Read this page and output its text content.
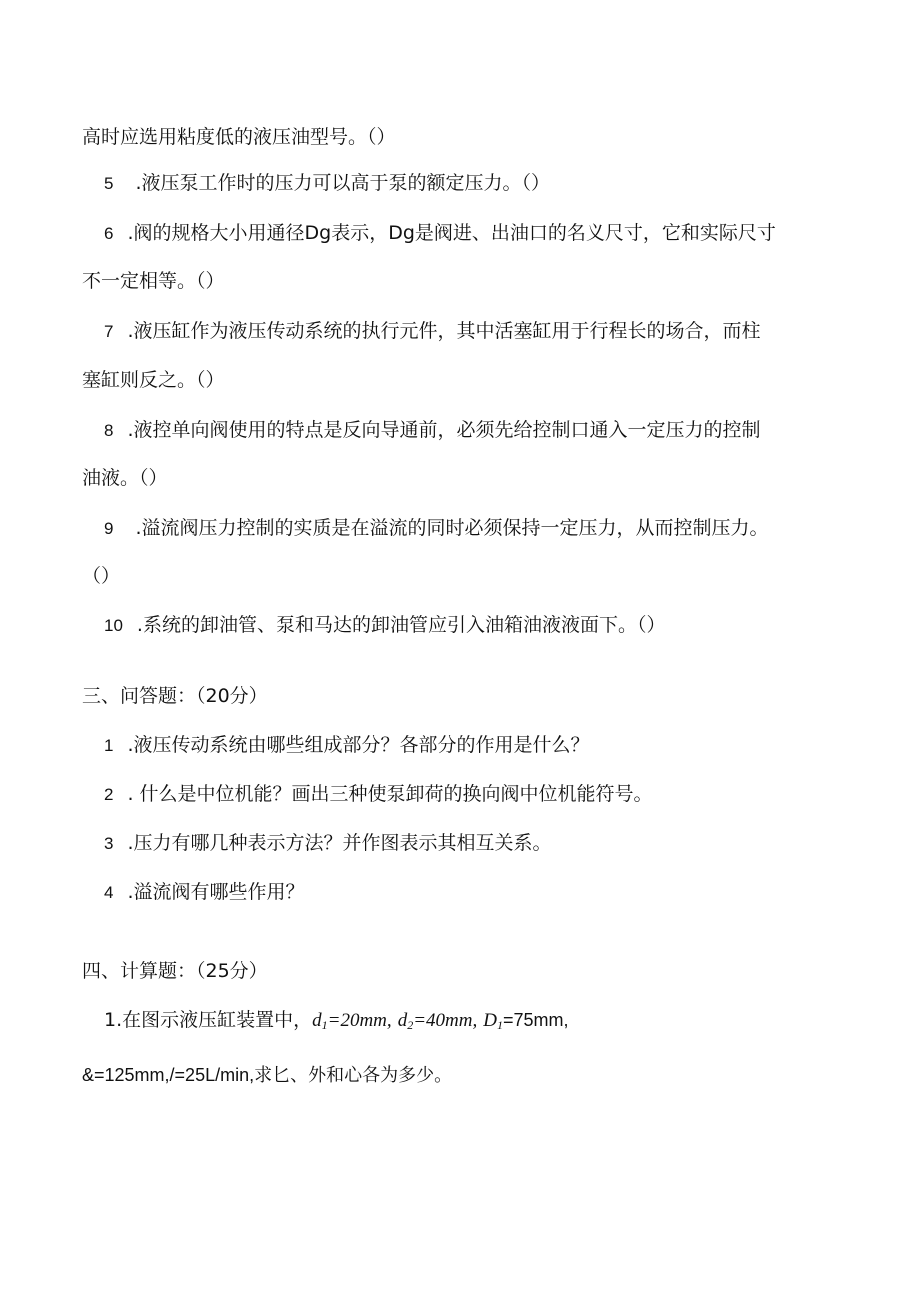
高时应选用粘度低的液压油型号。（）
5 .液压泵工作时的压力可以高于泵的额定压力。（）
6 .阀的规格大小用通径Dg表示，Dg是阀进、出油口的名义尺寸，它和实际尺寸
不一定相等。（）
7 .液压缸作为液压传动系统的执行元件，其中活塞缸用于行程长的场合，而柱
塞缸则反之。（）
8 .液控单向阀使用的特点是反向导通前，必须先给控制口通入一定压力的控制
油液。（）
9 .溢流阀压力控制的实质是在溢流的同时必须保持一定压力，从而控制压力。
（）
10 .系统的卸油管、泵和马达的卸油管应引入油箱油液液面下。（）
三、问答题：（20分）
1 .液压传动系统由哪些组成部分？各部分的作用是什么？
2 . 什么是中位机能？画出三种使泵卸荷的换向阀中位机能符号。
3 .压力有哪几种表示方法？并作图表示其相互关系。
4 .溢流阀有哪些作用？
四、计算题：（25分）
1.在图示液压缸装置中，$d_1=20mm$, $d_2=40mm$, $D_1=75mm$,
&=125mm,/=25L/min,求匕、外和心各为多少。
